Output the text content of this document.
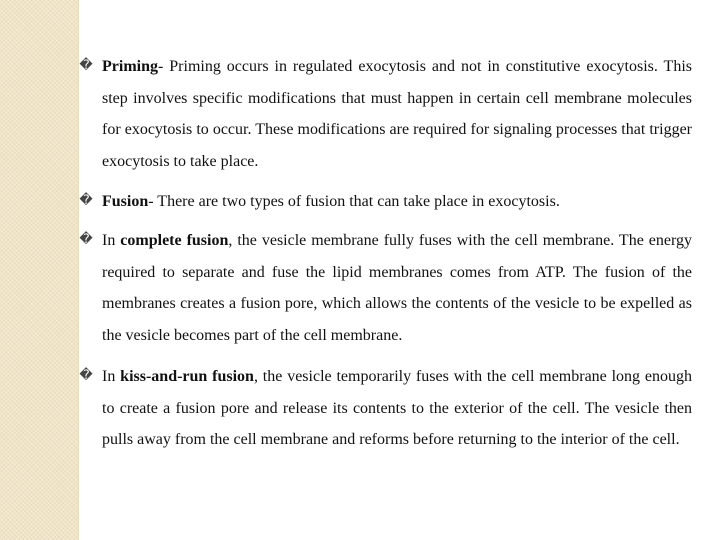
� Priming- Priming occurs in regulated exocytosis and not in constitutive exocytosis. This step involves specific modifications that must happen in certain cell membrane molecules for exocytosis to occur. These modifications are required for signaling processes that trigger exocytosis to take place.
� Fusion- There are two types of fusion that can take place in exocytosis.
� In complete fusion, the vesicle membrane fully fuses with the cell membrane. The energy required to separate and fuse the lipid membranes comes from ATP. The fusion of the membranes creates a fusion pore, which allows the contents of the vesicle to be expelled as the vesicle becomes part of the cell membrane.
� In kiss-and-run fusion, the vesicle temporarily fuses with the cell membrane long enough to create a fusion pore and release its contents to the exterior of the cell. The vesicle then pulls away from the cell membrane and reforms before returning to the interior of the cell.
